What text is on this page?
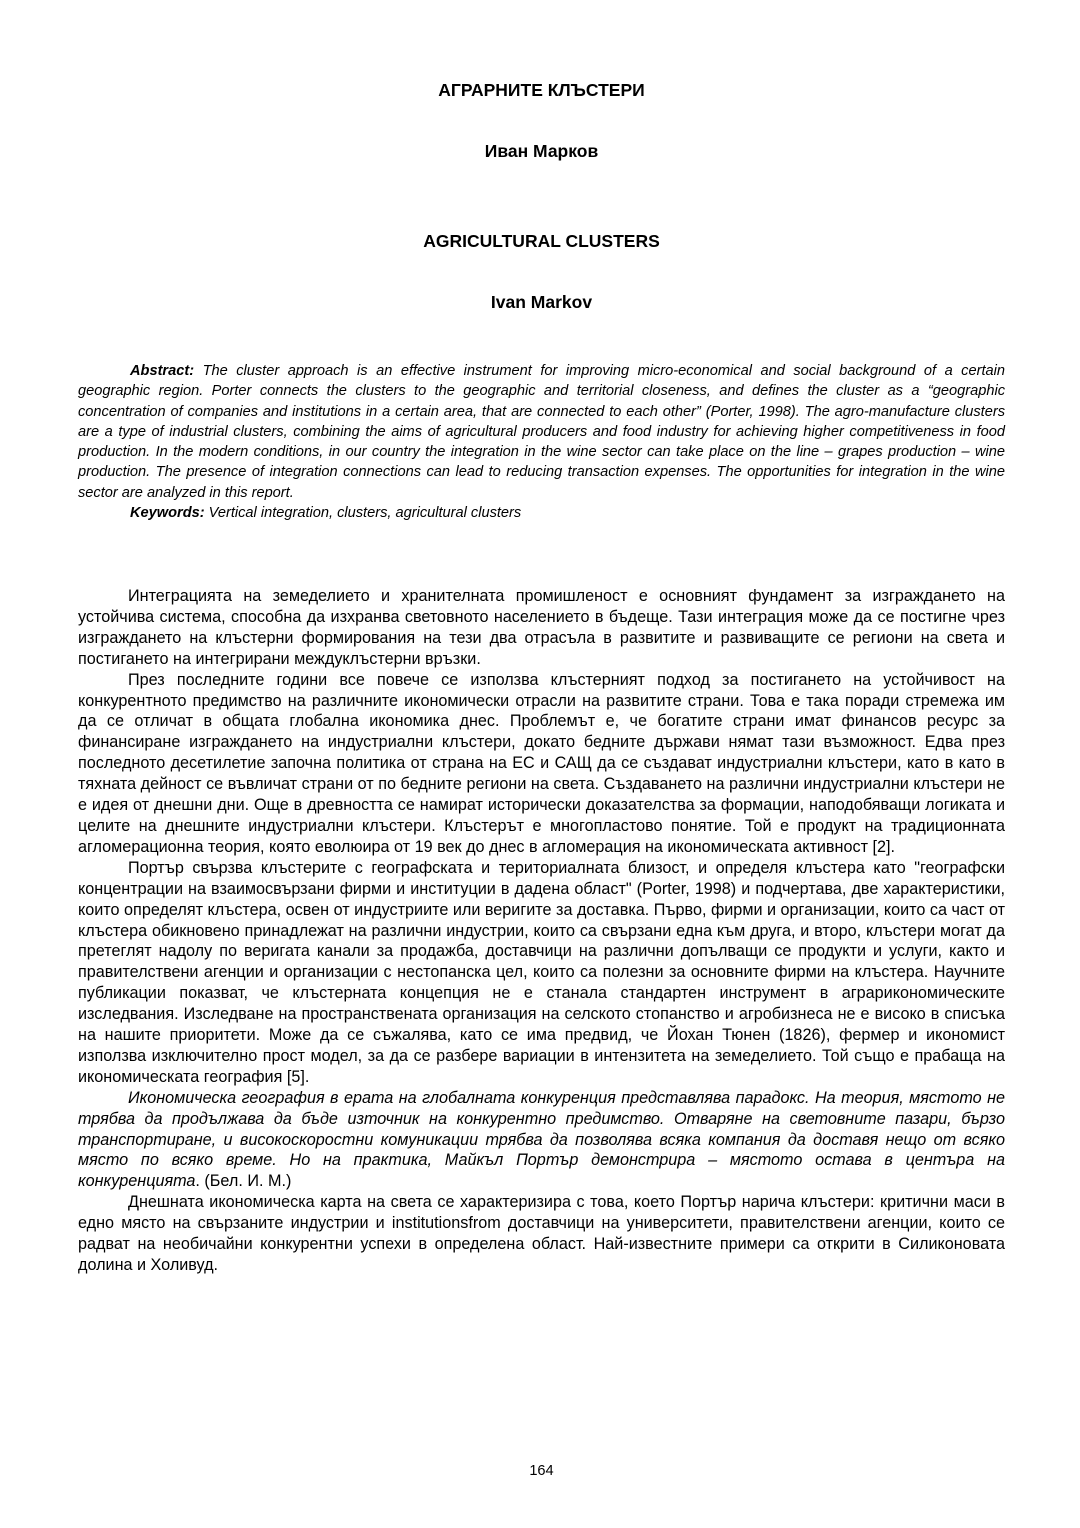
АГРАРНИТЕ КЛЪСТЕРИ
Иван Марков
AGRICULTURAL CLUSTERS
Ivan Markov

Abstract: The cluster approach is an effective instrument for improving micro-economical and social background of a certain geographic region. Porter connects the clusters to the geographic and territorial closeness, and defines the cluster as a “geographic concentration of companies and institutions in a certain area, that are connected to each other” (Porter, 1998). The agro-manufacture clusters are a type of industrial clusters, combining the aims of agricultural producers and food industry for achieving higher competitiveness in food production. In the modern conditions, in our country the integration in the wine sector can take place on the line – grapes production – wine production. The presence of integration connections can lead to reducing transaction expenses. The opportunities for integration in the wine sector are analyzed in this report.

Keywords: Vertical integration, clusters, agricultural clusters

Интеграцията на земеделието и хранителната промишленост е основният фундамент за изграждането на устойчива система, способна да изхранва световното населението в бъдеще. Тази интеграция може да се постигне чрез изграждането на клъстерни формирования на тези два отрасъла в развитите и развиващите се региони на света и постигането на интегрирани междуклъстерни връзки.

През последните години все повече се използва клъстерният подход за постигането на устойчивост на конкурентното предимство на различните икономически отрасли на развитите страни. Това е така поради стремежа им да се отличат в общата глобална икономика днес. Проблемът е, че богатите страни имат финансов ресурс за финансиране изграждането на индустриални клъстери, докато бедните държави нямат тази възможност. Едва през последното десетилетие започна политика от страна на ЕС и САЩ да се създават индустриални клъстери, като в като в тяхната дейност се въвличат страни от по бедните региони на света. Създаването на различни индустриални клъстери не е идея от днешни дни. Още в древността се намират исторически доказателства за формации, наподобяващи логиката и целите на днешните индустриални клъстери. Клъстерът е многопластово понятие. Той е продукт на традиционната агломерационна теория, която еволюира от 19 век до днес в агломерация на икономическата активност [2].

Портър свързва клъстерите с географската и териториалната близост, и определя клъстера като "географски концентрации на взаимосвързани фирми и институции в дадена област" (Porter, 1998) и подчертава, две характеристики, които определят клъстера, освен от индустриите или веригите за доставка. Първо, фирми и организации, които са част от клъстера обикновено принадлежат на различни индустрии, които са свързани една към друга, и второ, клъстери могат да претеглят надолу по веригата канали за продажба, доставчици на различни допълващи се продукти и услуги, както и правителствени агенции и организации с нестопанска цел, които са полезни за основните фирми на клъстера. Научните публикации показват, че клъстерната концепция не е станала стандартен инструмент в аграрикономическите изследвания. Изследване на пространствената организация на селското стопанство и агробизнеса не е високо в списъка на нашите приоритети. Може да се съжалява, като се има предвид, че Йохан Тюнен (1826), фермер и икономист използва изключително прост модел, за да се разбере вариации в интензитета на земеделието. Той също е прабаща на икономическата география [5].

Икономическа география в ерата на глобалната конкуренция представлява парадокс. На теория, мястото не трябва да продължава да бъде източник на конкурентно предимство. Отваряне на световните пазари, бързо транспортиране, и високоскоростни комуникации трябва да позволява всяка компания да доставя нещо от всяко място по всяко време. Но на практика, Майкъл Портър демонстрира – мястото остава в центъра на конкуренцията. (Бел. И. М.)

Днешната икономическа карта на света се характеризира с това, което Портър нарича клъстери: критични маси в едно място на свързаните индустрии и institutionsfrom доставчици на университети, правителствени агенции, които се радват на необичайни конкурентни успехи в определена област. Най-известните примери са открити в Силиконовата долина и Холивуд.

164
